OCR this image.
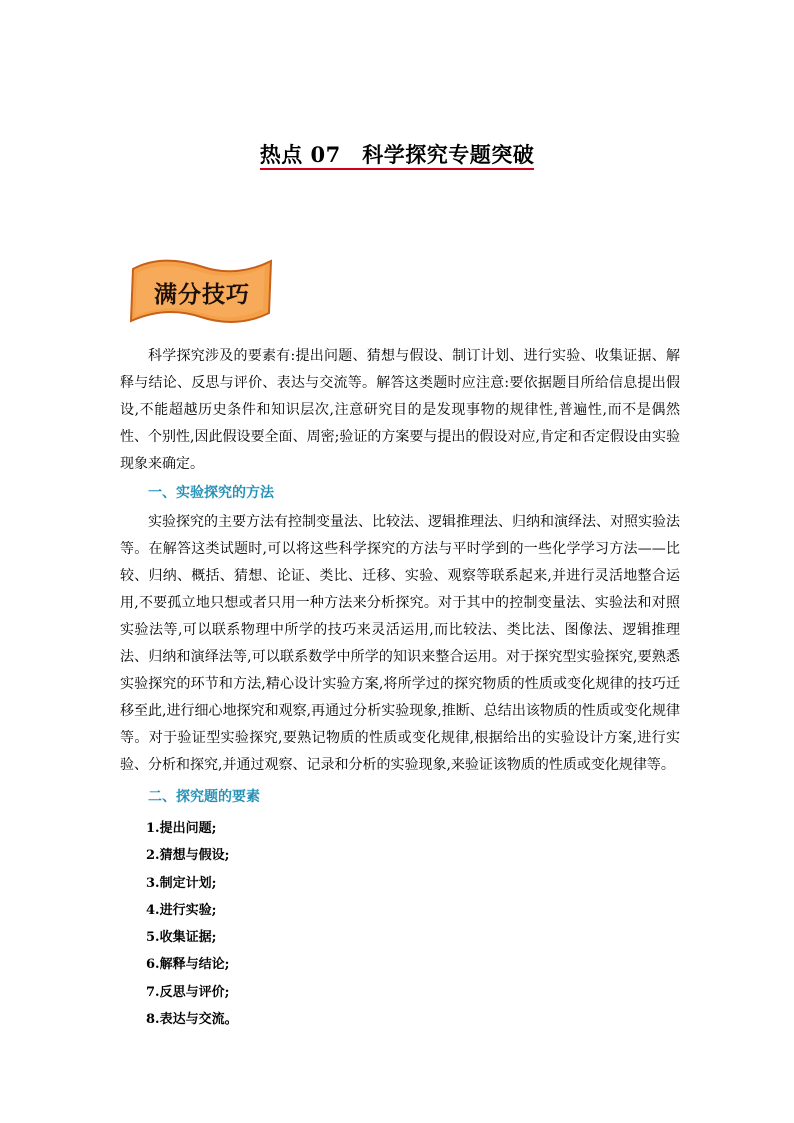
热点 07　科学探究专题突破
满分技巧

科学探究涉及的要素有:提出问题、猜想与假设、制订计划、进行实验、收集证据、解释与结论、反思与评价、表达与交流等。解答这类题时应注意:要依据题目所给信息提出假设,不能超越历史条件和知识层次,注意研究目的是发现事物的规律性,普遍性,而不是偶然性、个别性,因此假设要全面、周密;验证的方案要与提出的假设对应,肯定和否定假设由实验现象来确定。

一、实验探究的方法

实验探究的主要方法有控制变量法、比较法、逻辑推理法、归纳和演绎法、对照实验法等。在解答这类试题时,可以将这些科学探究的方法与平时学到的一些化学学习方法——比较、归纳、概括、猜想、论证、类比、迁移、实验、观察等联系起来,并进行灵活地整合运用,不要孤立地只想或者只用一种方法来分析探究。对于其中的控制变量法、实验法和对照实验法等,可以联系物理中所学的技巧来灵活运用,而比较法、类比法、图像法、逻辑推理法、归纳和演绎法等,可以联系数学中所学的知识来整合运用。对于探究型实验探究,要熟悉实验探究的环节和方法,精心设计实验方案,将所学过的探究物质的性质或变化规律的技巧迁移至此,进行细心地探究和观察,再通过分析实验现象,推断、总结出该物质的性质或变化规律等。对于验证型实验探究,要熟记物质的性质或变化规律,根据给出的实验设计方案,进行实验、分析和探究,并通过观察、记录和分析的实验现象,来验证该物质的性质或变化规律等。

二、探究题的要素
1.提出问题;
2.猜想与假设;
3.制定计划;
4.进行实验;
5.收集证据;
6.解释与结论;
7.反思与评价;
8.表达与交流。
